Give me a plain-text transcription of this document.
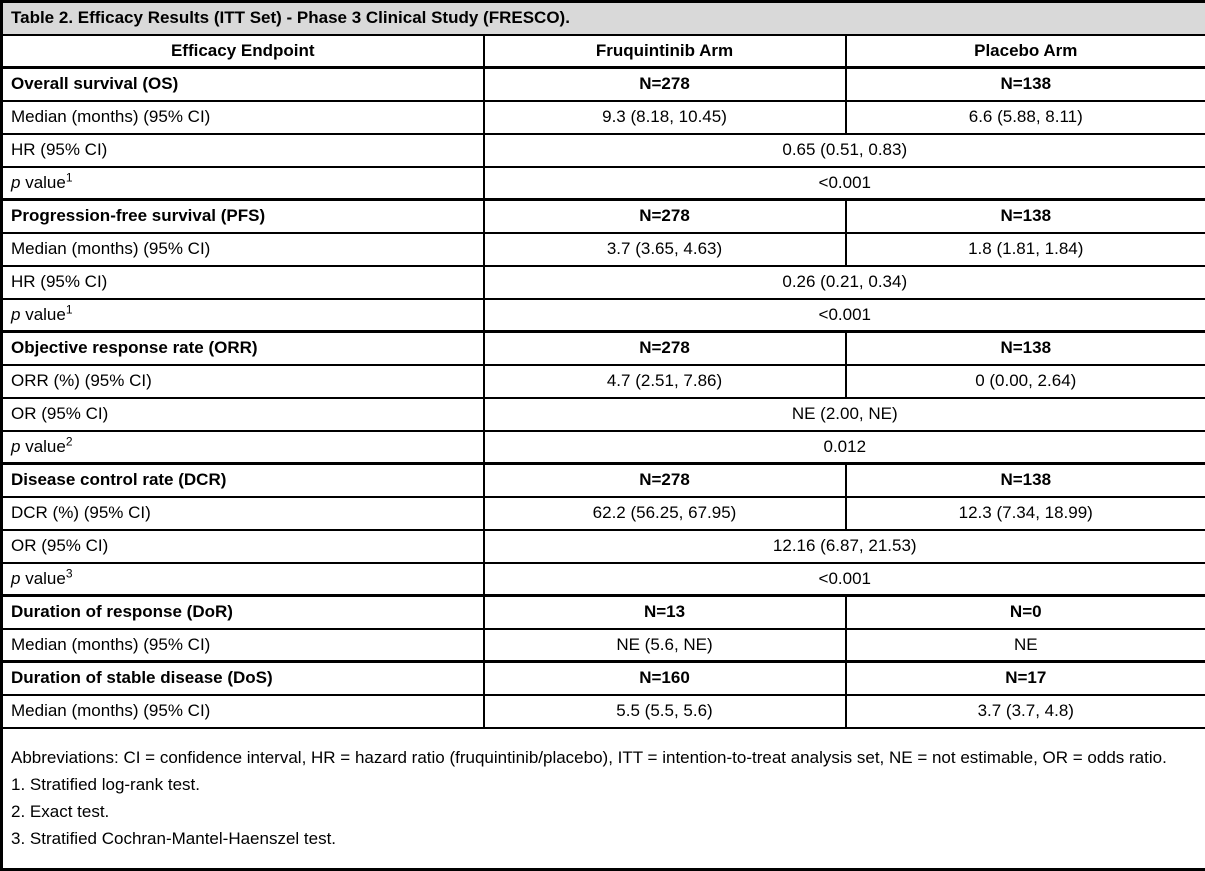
Table 2. Efficacy Results (ITT Set) - Phase 3 Clinical Study (FRESCO).		
Efficacy Endpoint	Fruquintinib Arm	Placebo Arm
Overall survival (OS)	N=278	N=138
Median (months) (95% CI)	9.3 (8.18, 10.45)	6.6 (5.88, 8.11)
HR (95% CI)	0.65 (0.51, 0.83)	
p value$^1$	<0.001	
Progression-free survival (PFS)	N=278	N=138
Median (months) (95% CI)	3.7 (3.65, 4.63)	1.8 (1.81, 1.84)
HR (95% CI)	0.26 (0.21, 0.34)	
p value$^1$	<0.001	
Objective response rate (ORR)	N=278	N=138
ORR (%) (95% CI)	4.7 (2.51, 7.86)	0 (0.00, 2.64)
OR (95% CI)	NE (2.00, NE)	
p value$^2$	0.012	
Disease control rate (DCR)	N=278	N=138
DCR (%) (95% CI)	62.2 (56.25, 67.95)	12.3 (7.34, 18.99)
OR (95% CI)	12.16 (6.87, 21.53)	
p value$^3$	<0.001	
Duration of response (DoR)	N=13	N=0
Median (months) (95% CI)	NE (5.6, NE)	NE
Duration of stable disease (DoS)	N=160	N=17
Median (months) (95% CI)	5.5 (5.5, 5.6)	3.7 (3.7, 4.8)

Abbreviations: CI = confidence interval, HR = hazard ratio (fruquintinib/placebo), ITT = intention-to-treat analysis set, NE = not estimable, OR = odds ratio.
1. Stratified log-rank test.
2. Exact test.
3. Stratified Cochran-Mantel-Haenszel test.		
